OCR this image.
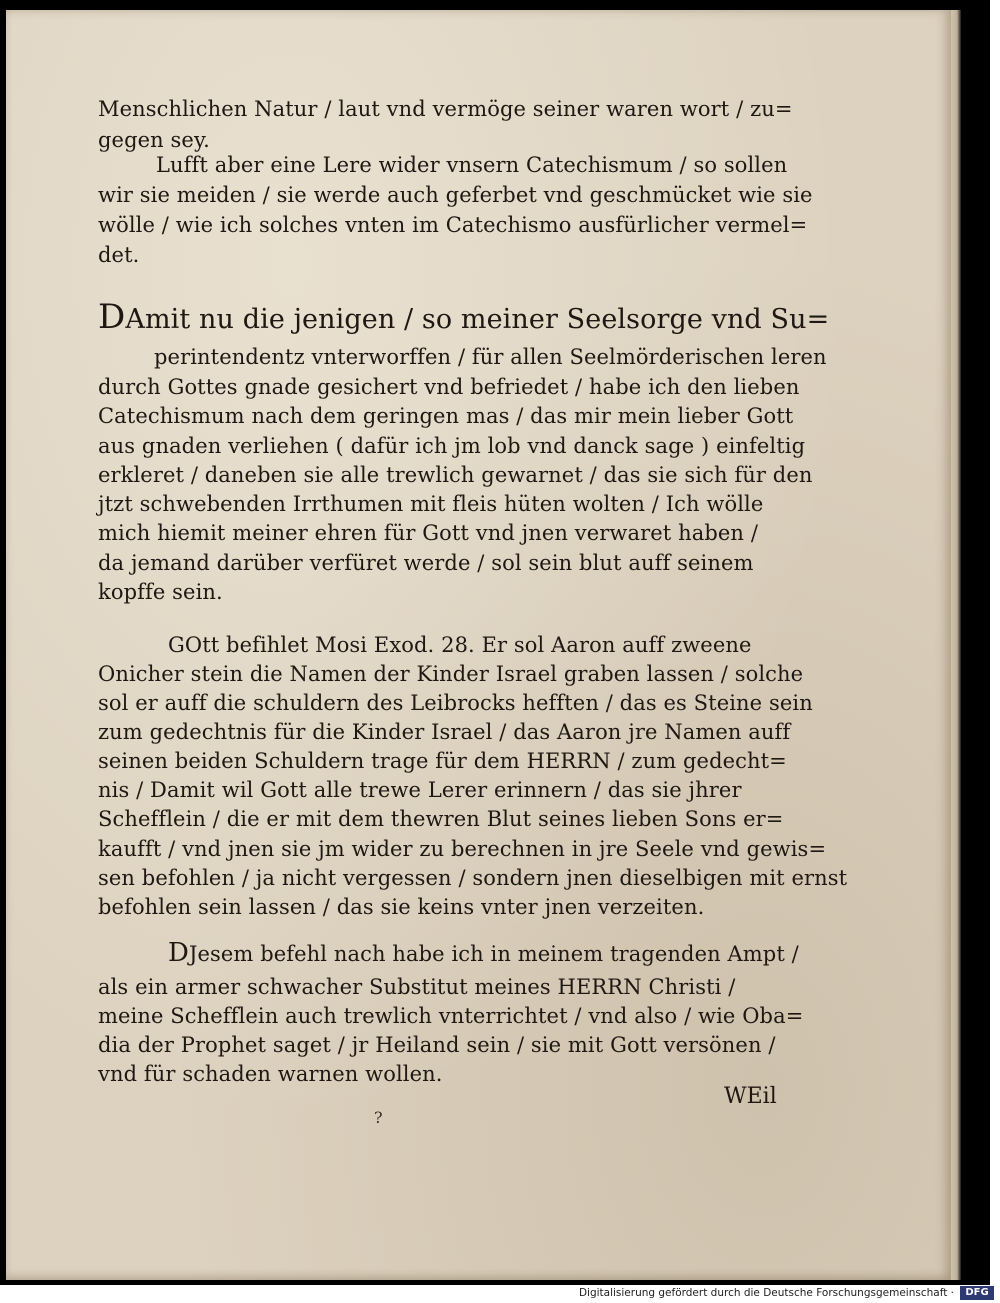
Menschlichen Natur / laut vnd vermöge seiner waren wort / zu=
gegen sey.
Lufft aber eine Lere wider vnsern Catechismum / so sollen
wir sie meiden / sie werde auch geferbet vnd geschmücket wie sie
wölle / wie ich solches vnten im Catechismo ausfürlicher vermel=
det.
DAmit nu die jenigen / so meiner Seelsorge vnd Su=
perintendentz vnterworffen / für allen Seelmörderischen leren
durch Gottes gnade gesichert vnd befriedet / habe ich den lieben
Catechismum nach dem geringen mas / das mir mein lieber Gott
aus gnaden verliehen ( dafür ich jm lob vnd danck sage ) einfeltig
erkleret / daneben sie alle trewlich gewarnet / das sie sich für den
jtzt schwebenden Irrthumen mit fleis hüten wolten / Ich wölle
mich hiemit meiner ehren für Gott vnd jnen verwaret haben /
da jemand darüber verfüret werde / sol sein blut auff seinem
kopffe sein.
GOtt befihlet Mosi Exod. 28. Er sol Aaron auff zweene
Onicher stein die Namen der Kinder Israel graben lassen / solche
sol er auff die schuldern des Leibrocks hefften / das es Steine sein
zum gedechtnis für die Kinder Israel / das Aaron jre Namen auff
seinen beiden Schuldern trage für dem HERRN / zum gedecht=
nis / Damit wil Gott alle trewe Lerer erinnern / das sie jhrer
Schefflein / die er mit dem thewren Blut seines lieben Sons er=
kaufft / vnd jnen sie jm wider zu berechnen in jre Seele vnd gewis=
sen befohlen / ja nicht vergessen / sondern jnen dieselbigen mit ernst
befohlen sein lassen / das sie keins vnter jnen verzeiten.
DJesem befehl nach habe ich in meinem tragenden Ampt /
als ein armer schwacher Substitut meines HERRN Christi /
meine Schefflein auch trewlich vnterrichtet / vnd also / wie Oba=
dia der Prophet saget / jr Heiland sein / sie mit Gott versönen /
vnd für schaden warnen wollen.
WEil
?
Digitalisierung gefördert durch die Deutsche Forschungsgemeinschaft ·	DFG
